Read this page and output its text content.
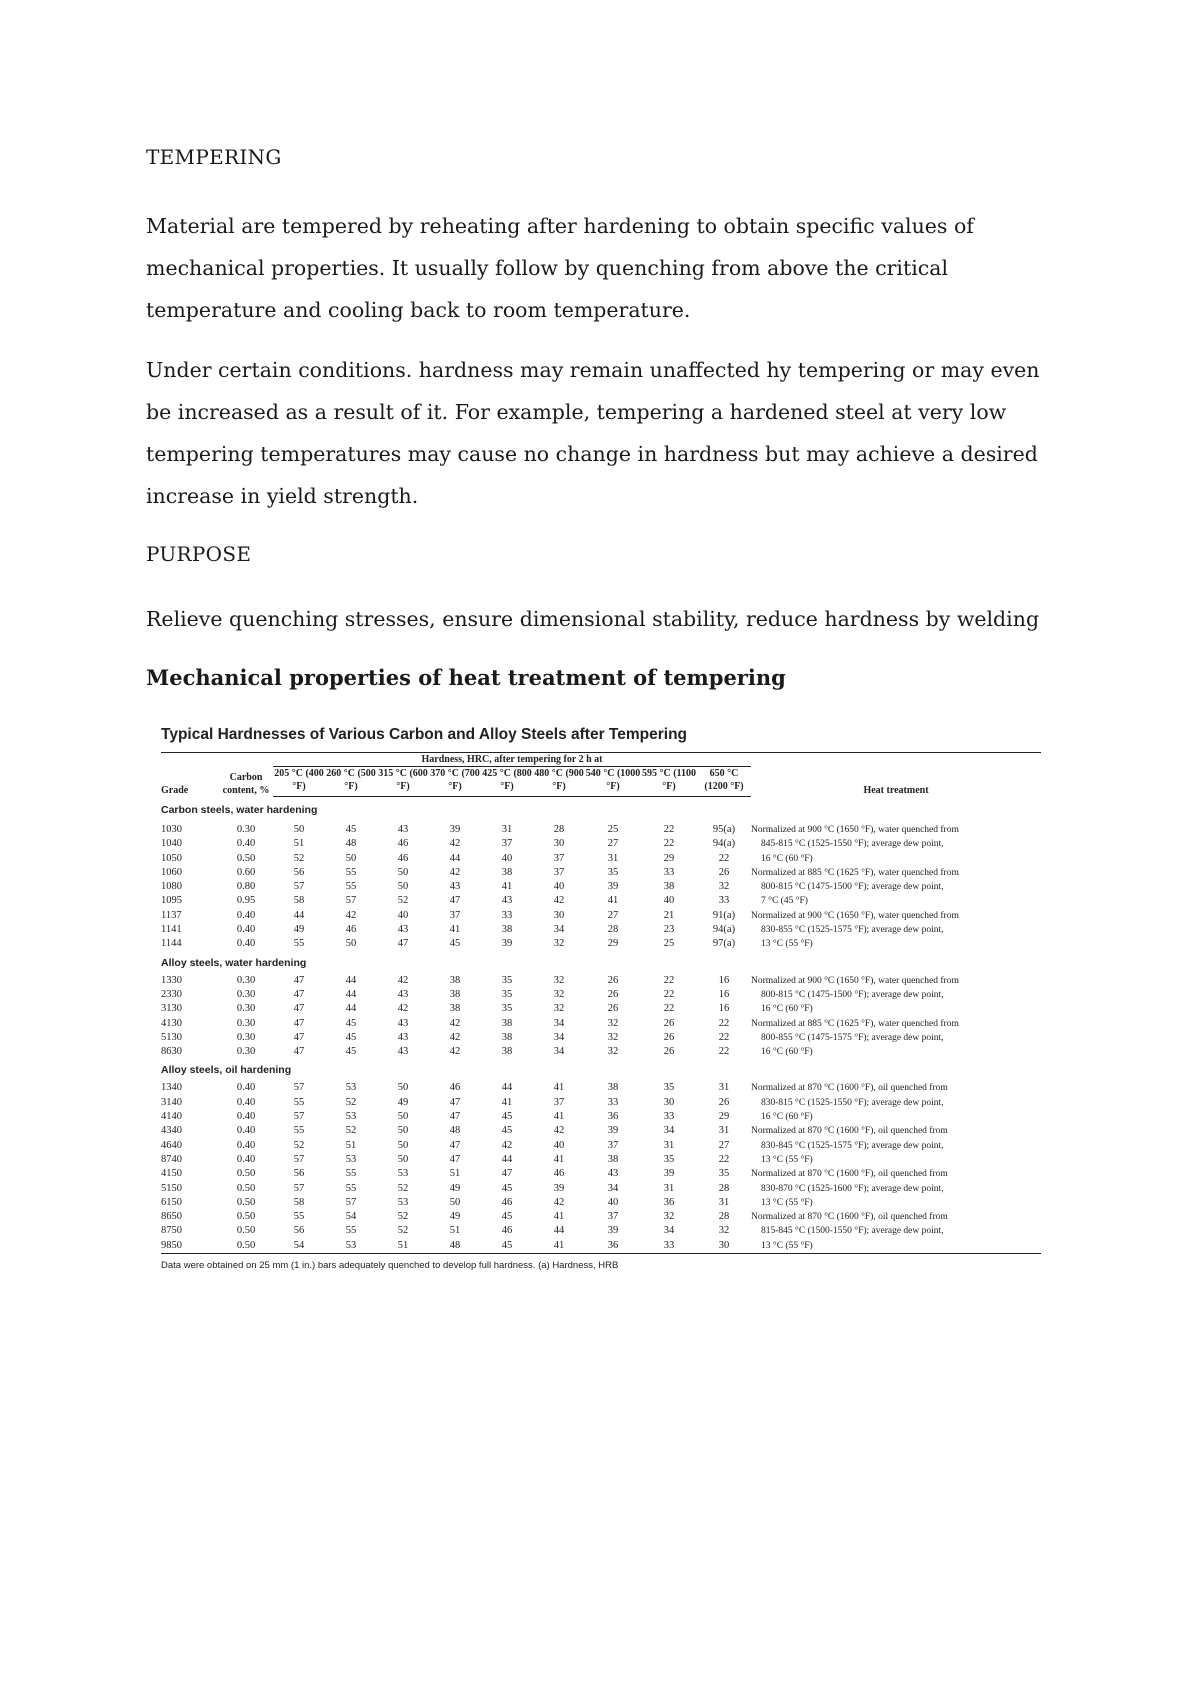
TEMPERING

Material are tempered by reheating after hardening to obtain specific values of mechanical properties. It usually follow by quenching from above the critical temperature and cooling back to room temperature.

Under certain conditions. hardness may remain unaffected hy tempering or may even be increased as a result of it. For example, tempering a hardened steel at very low tempering temperatures may cause no change in hardness but may achieve a desired increase in yield strength.

PURPOSE

Relieve quenching stresses, ensure dimensional stability, reduce hardness by welding

Mechanical properties of heat treatment of tempering

Typical Hardnesses of Various Carbon and Alloy Steels after Tempering

Grade	Carbon content, %	Hardness, HRC, after tempering for 2 h at									Heat treatment
		205 °C (400 °F)	260 °C (500 °F)	315 °C (600 °F)	370 °C (700 °F)	425 °C (800 °F)	480 °C (900 °F)	540 °C (1000 °F)	595 °C (1100 °F)	650 °C (1200 °F)	
Carbon steels, water hardening											
1030	0.30	50	45	43	39	31	28	25	22	95(a)	Normalized at 900 °C (1650 °F), water quenched from
1040	0.40	51	48	46	42	37	30	27	22	94(a)	845-815 °C (1525-1550 °F); average dew point,
1050	0.50	52	50	46	44	40	37	31	29	22	16 °C (60 °F)
1060	0.60	56	55	50	42	38	37	35	33	26	Normalized at 885 °C (1625 °F), water quenched from
1080	0.80	57	55	50	43	41	40	39	38	32	800-815 °C (1475-1500 °F); average dew point,
1095	0.95	58	57	52	47	43	42	41	40	33	7 °C (45 °F)
1137	0.40	44	42	40	37	33	30	27	21	91(a)	Normalized at 900 °C (1650 °F), water quenched from
1141	0.40	49	46	43	41	38	34	28	23	94(a)	830-855 °C (1525-1575 °F); average dew point,
1144	0.40	55	50	47	45	39	32	29	25	97(a)	13 °C (55 °F)
Alloy steels, water hardening											
1330	0.30	47	44	42	38	35	32	26	22	16	Normalized at 900 °C (1650 °F), water quenched from
2330	0.30	47	44	43	38	35	32	26	22	16	800-815 °C (1475-1500 °F); average dew point,
3130	0.30	47	44	42	38	35	32	26	22	16	16 °C (60 °F)
4130	0.30	47	45	43	42	38	34	32	26	22	Normalized at 885 °C (1625 °F), water quenched from
5130	0.30	47	45	43	42	38	34	32	26	22	800-855 °C (1475-1575 °F); average dew point,
8630	0.30	47	45	43	42	38	34	32	26	22	16 °C (60 °F)
Alloy steels, oil hardening											
1340	0.40	57	53	50	46	44	41	38	35	31	Normalized at 870 °C (1600 °F), oil quenched from
3140	0.40	55	52	49	47	41	37	33	30	26	830-815 °C (1525-1550 °F); average dew point,
4140	0.40	57	53	50	47	45	41	36	33	29	16 °C (60 °F)
4340	0.40	55	52	50	48	45	42	39	34	31	Normalized at 870 °C (1600 °F), oil quenched from
4640	0.40	52	51	50	47	42	40	37	31	27	830-845 °C (1525-1575 °F); average dew point,
8740	0.40	57	53	50	47	44	41	38	35	22	13 °C (55 °F)
4150	0.50	56	55	53	51	47	46	43	39	35	Normalized at 870 °C (1600 °F), oil quenched from
5150	0.50	57	55	52	49	45	39	34	31	28	830-870 °C (1525-1600 °F); average dew point,
6150	0.50	58	57	53	50	46	42	40	36	31	13 °C (55 °F)
8650	0.50	55	54	52	49	45	41	37	32	28	Normalized at 870 °C (1600 °F), oil quenched from
8750	0.50	56	55	52	51	46	44	39	34	32	815-845 °C (1500-1550 °F); average dew point,
9850	0.50	54	53	51	48	45	41	36	33	30	13 °C (55 °F)

Data were obtained on 25 mm (1 in.) bars adequately quenched to develop full hardness. (a) Hardness, HRB
